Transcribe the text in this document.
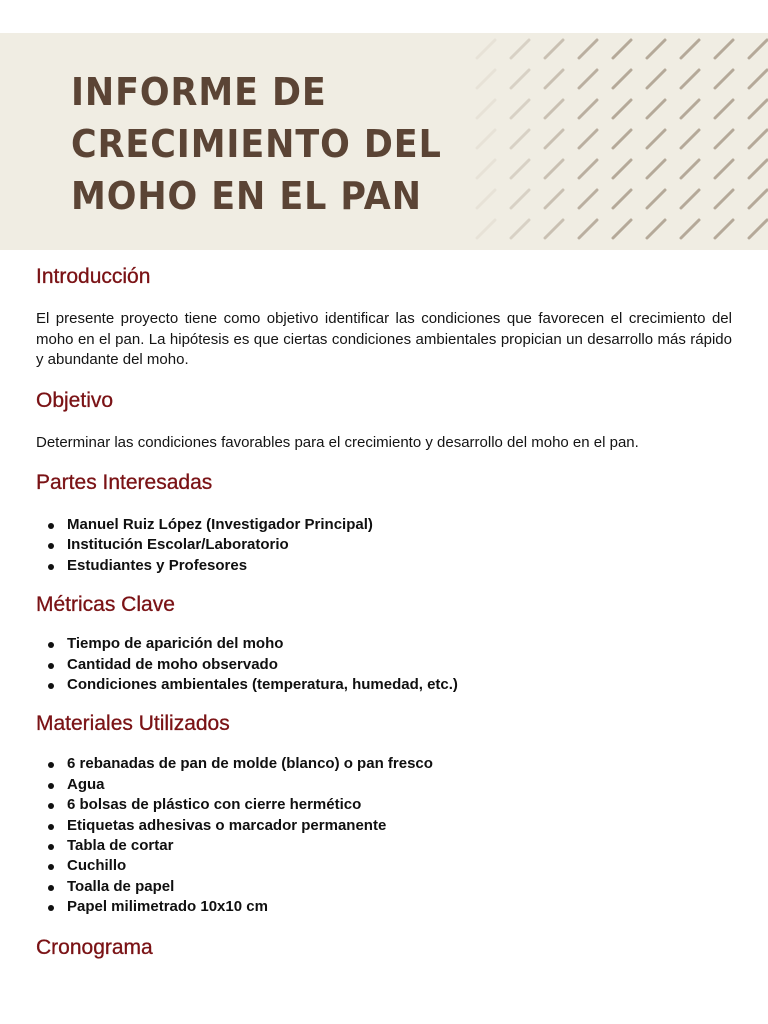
INFORME DE
CRECIMIENTO DEL
MOHO EN EL PAN
Introducción

El presente proyecto tiene como objetivo identificar las condiciones que favorecen el crecimiento del moho en el pan. La hipótesis es que ciertas condiciones ambientales propician un desarrollo más rápido y abundante del moho.

Objetivo

Determinar las condiciones favorables para el crecimiento y desarrollo del moho en el pan.

Partes Interesadas
Manuel Ruiz López (Investigador Principal)
Institución Escolar/Laboratorio
Estudiantes y Profesores
Métricas Clave
Tiempo de aparición del moho
Cantidad de moho observado
Condiciones ambientales (temperatura, humedad, etc.)
Materiales Utilizados
6 rebanadas de pan de molde (blanco) o pan fresco
Agua
6 bolsas de plástico con cierre hermético
Etiquetas adhesivas o marcador permanente
Tabla de cortar
Cuchillo
Toalla de papel
Papel milimetrado 10x10 cm
Cronograma
